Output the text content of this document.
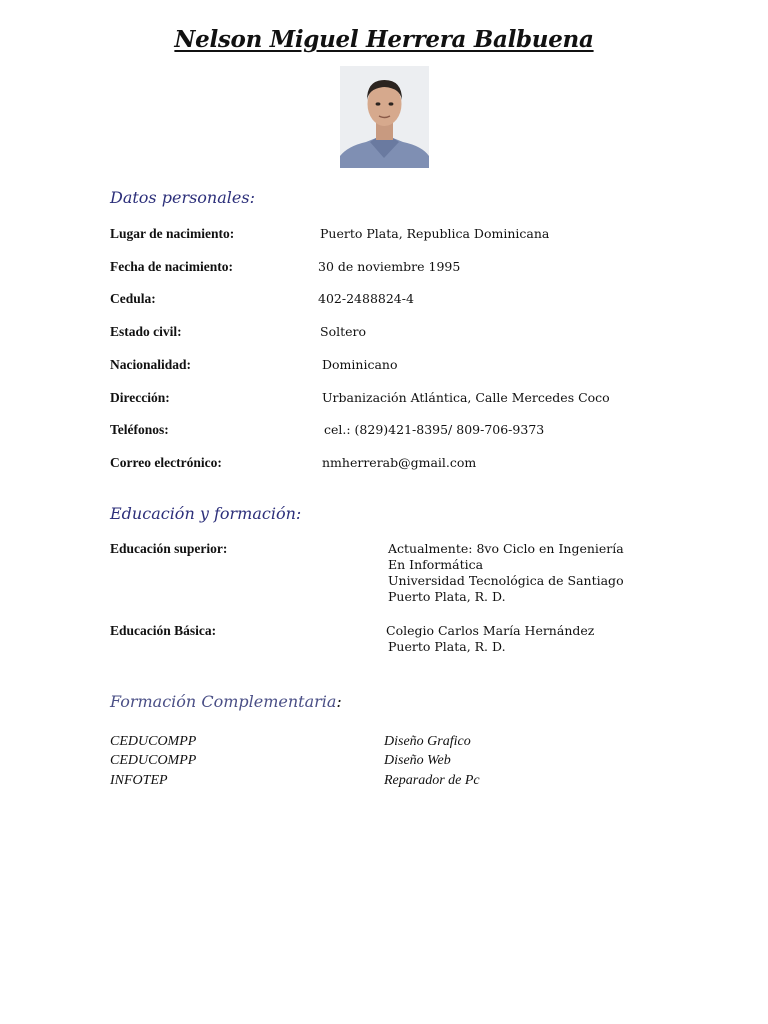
Nelson Miguel Herrera Balbuena
Datos personales:
Lugar de nacimiento:	Puerto Plata, Republica Dominicana
Fecha de nacimiento:	30 de noviembre 1995
Cedula:	402-2488824-4
Estado civil:	Soltero
Nacionalidad:	Dominicano
Dirección:	Urbanización Atlántica, Calle Mercedes Coco
Teléfonos:	cel.: (829)421-8395/ 809-706-9373
Correo electrónico:	nmherrerab@gmail.com
Educación y formación:
Educación superior:	Actualmente: 8vo Ciclo en Ingeniería
En Informática
Universidad Tecnológica de Santiago
Puerto Plata, R. D.
Educación Básica:	Colegio Carlos María Hernández
Puerto Plata, R. D.
Formación Complementaria:
CEDUCOMPP	Diseño Grafico
CEDUCOMPP	Diseño Web
INFOTEP	Reparador de Pc
